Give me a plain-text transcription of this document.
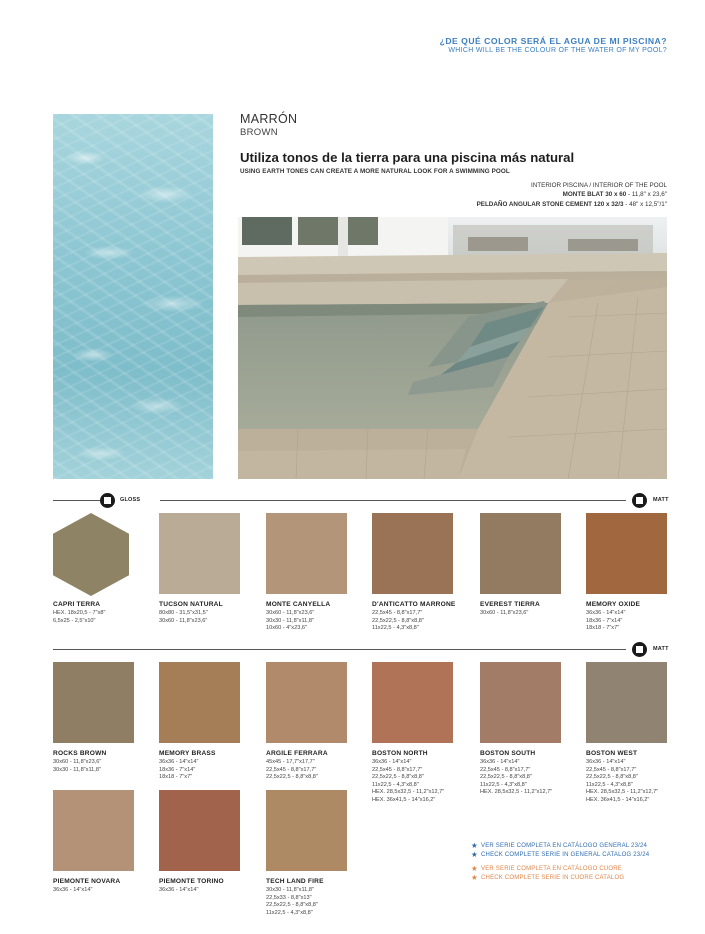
¿DE QUÉ COLOR SERÁ EL AGUA DE MI PISCINA?
WHICH WILL BE THE COLOUR OF THE WATER OF MY POOL?
MARRÓN
BROWN
Utiliza tonos de la tierra para una piscina más natural
USING EARTH TONES CAN CREATE A MORE NATURAL LOOK FOR A SWIMMING POOL
INTERIOR PISCINA / INTERIOR OF THE POOL
MONTE BLAT 30 x 60 - 11,8" x 23,6"
PELDAÑO ANGULAR STONE CEMENT 120 x 32/3 - 48" x 12,5"/1"
GLOSS	MATT
CAPRI TERRA
HEX. 18x20,5 - 7"x8"
6,5x25 - 2,5"x10"
TUCSON NATURAL
80x80 - 31,5"x31,5"
30x60 - 11,8"x23,6"
MONTE CANYELLA
30x60 - 11,8"x23,6"
30x30 - 11,8"x11,8"
10x60 - 4"x23,6"
D'ANTICATTO MARRONE
22,5x45 - 8,8"x17,7"
22,5x22,5 - 8,8"x8,8"
11x22,5 - 4,3"x8,8"
EVEREST TIERRA
30x60 - 11,8"x23,6"
MEMORY OXIDE
36x36 - 14"x14"
18x36 - 7"x14"
18x18 - 7"x7"
MATT
ROCKS BROWN
30x60 - 11,8"x23,6"
30x30 - 11,8"x11,8"
MEMORY BRASS
36x36 - 14"x14"
18x36 - 7"x14"
18x18 - 7"x7"
ARGILE FERRARA
45x45 - 17,7"x17,7"
22,5x45 - 8,8"x17,7"
22,5x22,5 - 8,8"x8,8"
BOSTON NORTH
36x36 - 14"x14"
22,5x45 - 8,8"x17,7"
22,5x22,5 - 8,8"x8,8"
11x22,5 - 4,3"x8,8"
HEX. 28,5x32,5 - 11,2"x12,7"
HEX. 36x41,5 - 14"x16,2"
BOSTON SOUTH
36x36 - 14"x14"
22,5x45 - 8,8"x17,7"
22,5x22,5 - 8,8"x8,8"
11x22,5 - 4,3"x8,8"
HEX. 28,5x32,5 - 11,2"x12,7"
BOSTON WEST
36x36 - 14"x14"
22,5x45 - 8,8"x17,7"
22,5x22,5 - 8,8"x8,8"
11x22,5 - 4,3"x8,8"
HEX. 28,5x32,5 - 11,2"x12,7"
HEX. 36x41,5 - 14"x16,2"
PIEMONTE NOVARA
36x36 - 14"x14"
PIEMONTE TORINO
36x36 - 14"x14"
TECH LAND FIRE
30x30 - 11,8"x11,8"
22,5x33 - 8,8"x13"
22,5x22,5 - 8,8"x8,8"
11x22,5 - 4,3"x8,8"
★ VER SERIE COMPLETA EN CATÁLOGO GENERAL 23/24
★ CHECK COMPLETE SERIE IN GENERAL CATALOG 23/24
★ VER SERIE COMPLETA EN CATÁLOGO CUORE
★ CHECK COMPLETE SERIE IN CUORE CATALOG
